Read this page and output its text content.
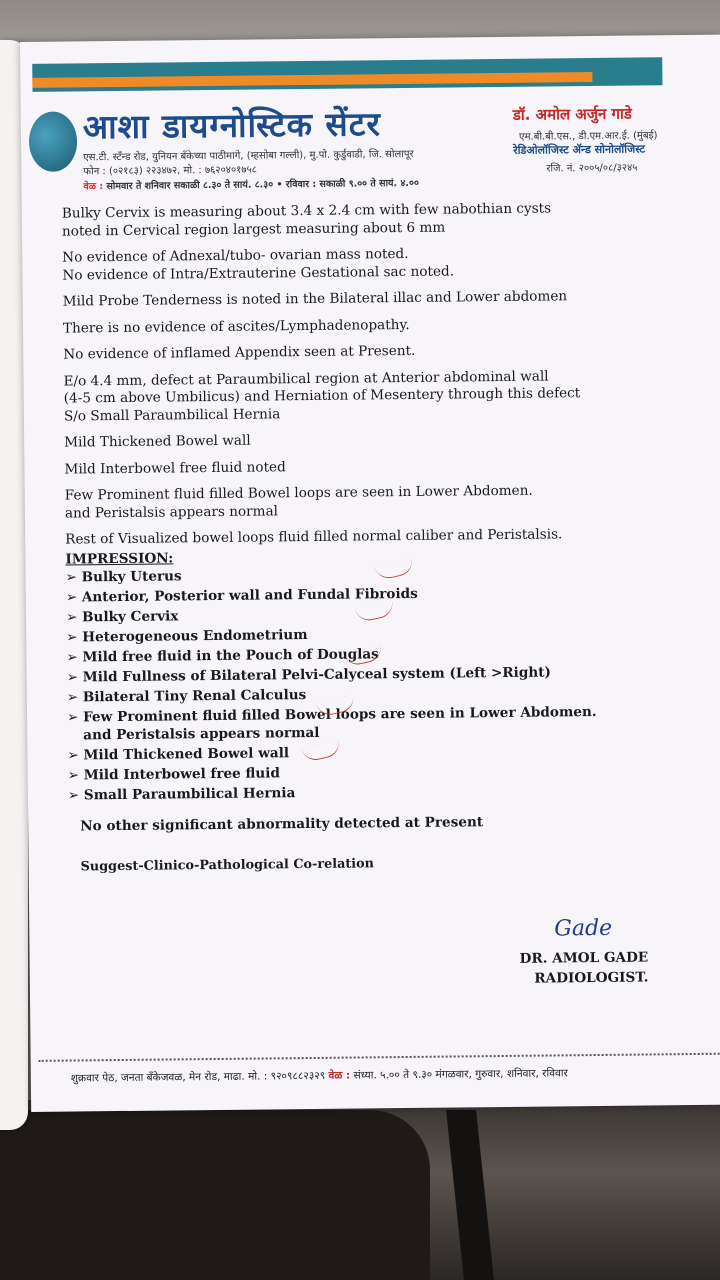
आशा डायग्नोस्टिक सेंटर
एस.टी. स्टँन्ड रोड, युनियन बँकेच्या पाठीमागे, (म्हसोबा गल्ली), मु.पो. कुर्डुवाडी, जि. सोलापूर
फोन : (०२१८३) २२३४७२, मो. : ७६२०४०१७५८
वेळ : सोमवार ते शनिवार सकाळी ८.३० ते सायं. ८.३० • रविवार : सकाळी ९.०० ते सायं. ४.००
डॉ. अमोल अर्जुन गाडे
एम.बी.बी.एस., डी.एम.आर.ई. (मुंबई)
रेडिओलॉजिस्ट ॲन्ड सोनोलॉजिस्ट
रजि. नं. २००५/०८/३२४५

Bulky Cervix is measuring about 3.4 x 2.4 cm with few nabothian cysts
noted in Cervical region largest measuring about 6 mm

No evidence of Adnexal/tubo- ovarian mass noted.
No evidence of Intra/Extrauterine Gestational sac noted.

Mild Probe Tenderness is noted in the Bilateral illac and Lower abdomen

There is no evidence of ascites/Lymphadenopathy.

No evidence of inflamed Appendix seen at Present.

E/o 4.4 mm, defect at Paraumbilical region at Anterior abdominal wall
(4-5 cm above Umbilicus) and Herniation of Mesentery through this defect
S/o Small Paraumbilical Hernia

Mild Thickened Bowel wall

Mild Interbowel free fluid noted

Few Prominent fluid filled Bowel loops are seen in Lower Abdomen.
and Peristalsis appears normal

Rest of Visualized bowel loops fluid filled normal caliber and Peristalsis.

IMPRESSION:
➢ Bulky Uterus
➢ Anterior, Posterior wall and Fundal Fibroids
➢ Bulky Cervix
➢ Heterogeneous Endometrium
➢ Mild free fluid in the Pouch of Douglas
➢ Mild Fullness of Bilateral Pelvi-Calyceal system (Left >Right)
➢ Bilateral Tiny Renal Calculus
➢ Few Prominent fluid filled Bowel loops are seen in Lower Abdomen.
and Peristalsis appears normal
➢ Mild Thickened Bowel wall
➢ Mild Interbowel free fluid
➢ Small Paraumbilical Hernia
No other significant abnormality detected at Present
Suggest-Clinico-Pathological Co-relation
Gade
DR. AMOL GADE
RADIOLOGIST.
शुक्रवार पेठ, जनता बँकेजवळ, मेन रोड, माढा. मो. : ९२०९८८२३२९ वेळ : संध्या. ५.०० ते ९.३० मंगळवार, गुरुवार, शनिवार, रविवार
